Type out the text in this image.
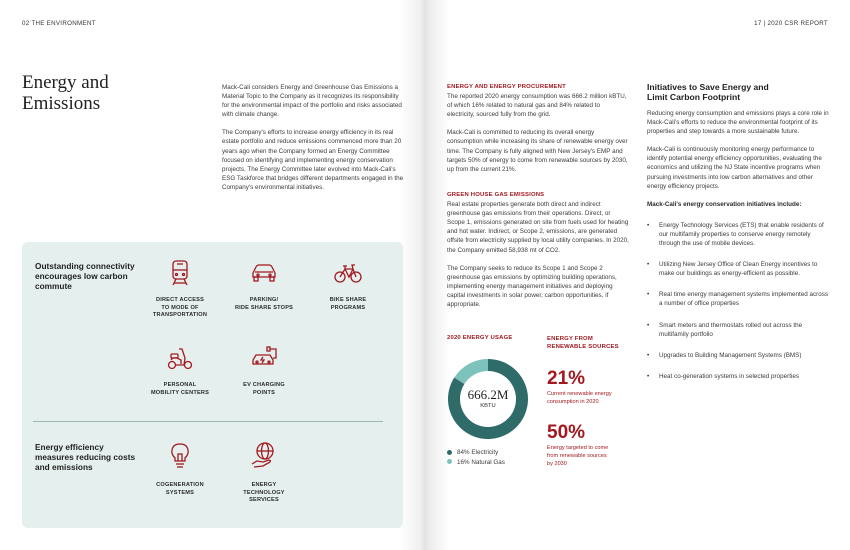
02 THE ENVIRONMENT	17 | 2020 CSR REPORT
Energy and
Emissions

Mack-Cali considers Energy and Greenhouse Gas Emissions a Material Topic to the Company as it recognizes its responsibility for the environmental impact of the portfolio and risks associated with climate change.

The Company's efforts to increase energy efficiency in its real estate portfolio and reduce emissions commenced more than 20 years ago when the Company formed an Energy Committee focused on identifying and implementing energy conservation projects. The Energy Committee later evolved into Mack-Cali's ESG Taskforce that bridges different departments engaged in the Company's environmental initiatives.

Outstanding connectivity encourages low carbon commute
DIRECT ACCESS
TO MODE OF
TRANSPORTATION
PARKING/
RIDE SHARE STOPS
BIKE SHARE
PROGRAMS
PERSONAL
MOBILITY CENTERS
EV CHARGING
POINTS
Energy efficiency measures reducing costs and emissions
COGENERATION
SYSTEMS
ENERGY
TECHNOLOGY
SERVICES
ENERGY AND ENERGY PROCUREMENT

The reported 2020 energy consumption was 666.2 million kBTU, of which 16% related to natural gas and 84% related to electricity, sourced fully from the grid.

Mack-Cali is committed to reducing its overall energy consumption while increasing its share of renewable energy over time. The Company is fully aligned with New Jersey's EMP and targets 50% of energy to come from renewable sources by 2030, up from the current 21%.

GREEN HOUSE GAS EMISSIONS

Real estate properties generate both direct and indirect greenhouse gas emissions from their operations. Direct, or Scope 1, emissions generated on site from fuels used for heating and hot water. Indirect, or Scope 2, emissions, are generated offsite from electricity supplied by local utility companies. In 2020, the Company emitted 58,938 mt of CO2.

The Company seeks to reduce its Scope 1 and Scope 2 greenhouse gas emissions by optimizing building operations, implementing energy management initiatives and deploying capital investments in solar power, carbon opportunities, if appropriate.

2020 ENERGY USAGE
666.2M
KBTU
84% Electricity
16% Natural Gas
ENERGY FROM
RENEWABLE SOURCES
21%
Current renewable energy
consumption in 2020
50%
Energy targeted to come
from renewable sources
by 2030
Initiatives to Save Energy and
Limit Carbon Footprint

Reducing energy consumption and emissions plays a core role in Mack-Cali's efforts to reduce the environmental footprint of its properties and step towards a more sustainable future.

Mack-Cali is continuously monitoring energy performance to identify potential energy efficiency opportunities, evaluating the economics and utilizing the NJ State incentive programs when pursuing investments into low carbon alternatives and other energy efficiency projects.

Mack-Cali's energy conservation initiatives include:

• Energy Technology Services (ETS) that enable residents of our multifamily properties to conserve energy remotely through the use of mobile devices.
• Utilizing New Jersey Office of Clean Energy incentives to make our buildings as energy-efficient as possible.
• Real time energy management systems implemented across a number of office properties
• Smart meters and thermostats rolled out across the multifamily portfolio
• Upgrades to Building Management Systems (BMS)
• Heat co-generation systems in selected properties
